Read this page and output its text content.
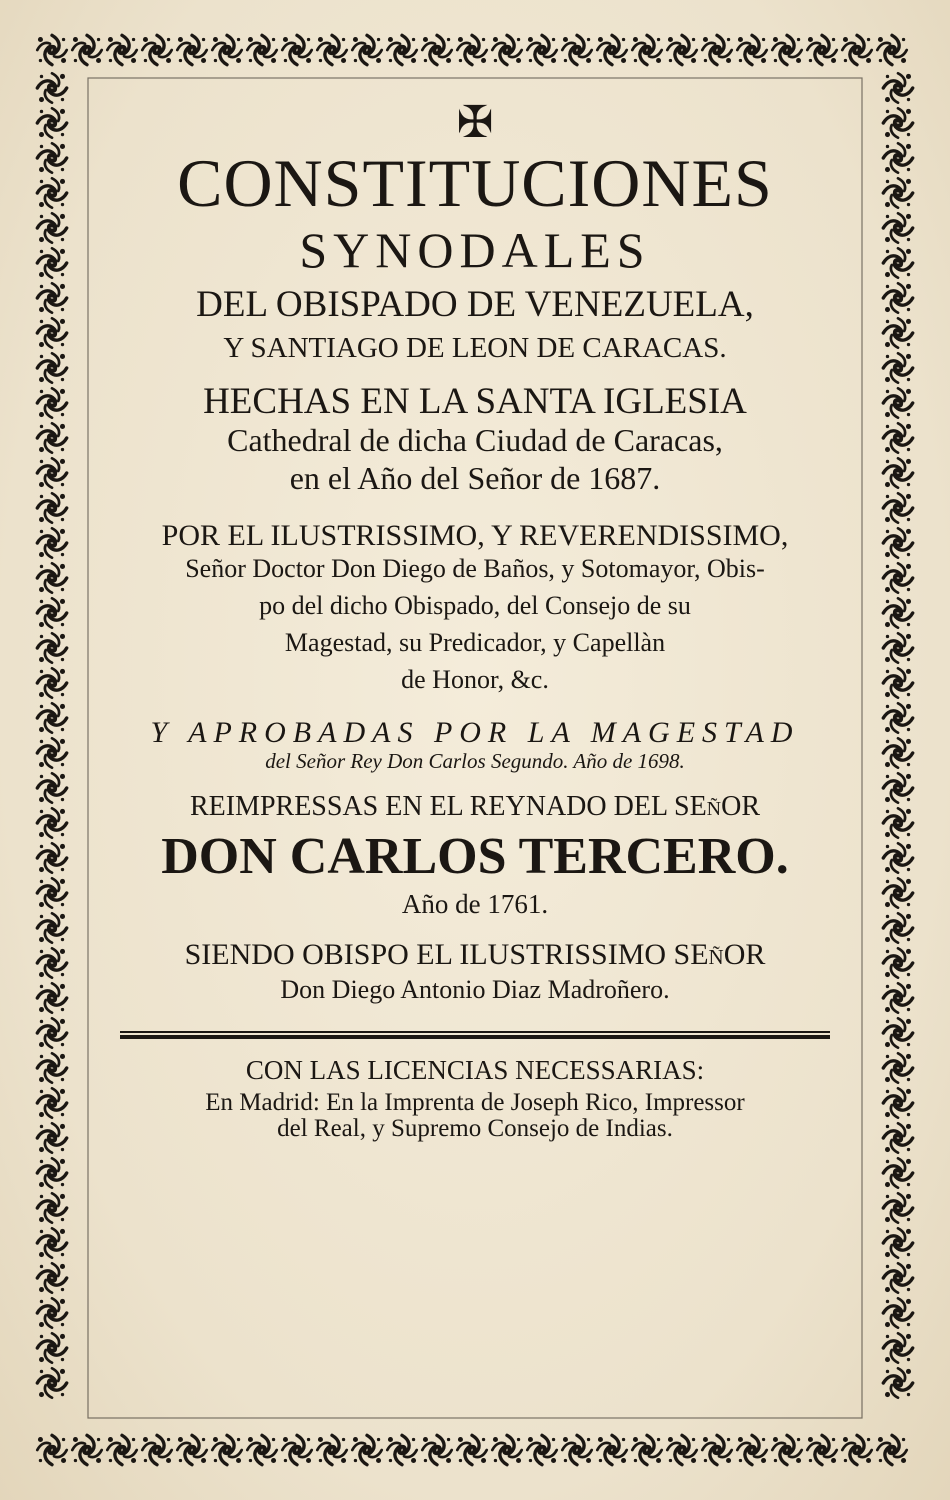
✠
CONSTITUCIONES
SYNODALES
DEL OBISPADO DE VENEZUELA,
Y SANTIAGO DE LEON DE CARACAS.
HECHAS EN LA SANTA IGLESIA
Cathedral de dicha Ciudad de Caracas,
en el Año del Señor de 1687.
POR EL ILUSTRISSIMO, Y REVERENDISSIMO,
Señor Doctor Don Diego de Baños, y Sotomayor, Obis-
po del dicho Obispado, del Consejo de su
Magestad, su Predicador, y Capellàn
de Honor, &c.
Y APROBADAS POR LA MAGESTAD
del Señor Rey Don Carlos Segundo. Año de 1698.
REIMPRESSAS EN EL REYNADO DEL SEñOR
DON CARLOS TERCERO.
Año de 1761.
SIENDO OBISPO EL ILUSTRISSIMO SEñOR
Don Diego Antonio Diaz Madroñero.
CON LAS LICENCIAS NECESSARIAS:
En Madrid: En la Imprenta de Joseph Rico, Impressor
del Real, y Supremo Consejo de Indias.
